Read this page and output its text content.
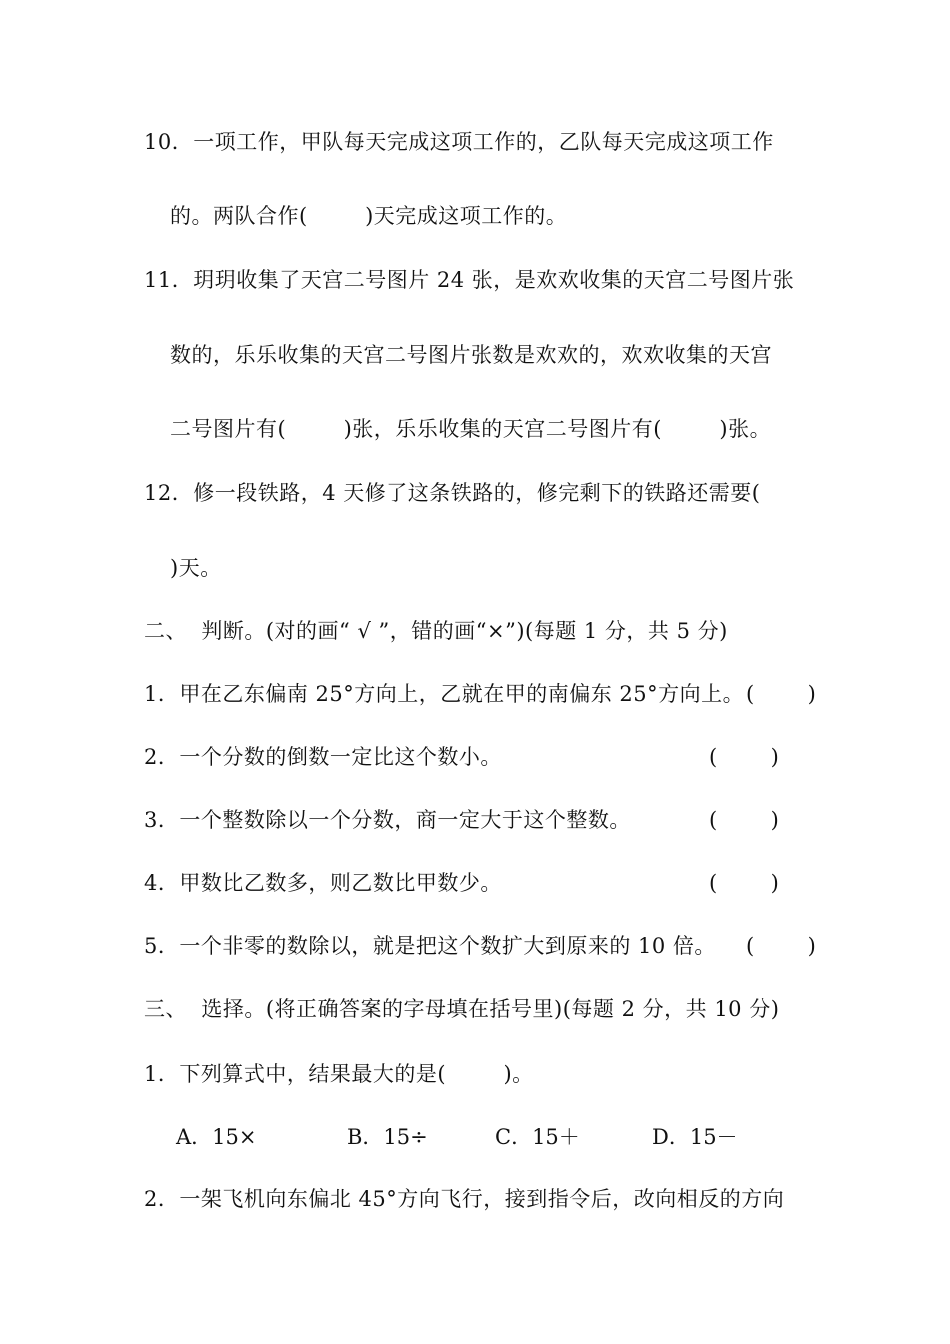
10．一项工作，甲队每天完成这项工作的，乙队每天完成这项工作
的。两队合作(        )天完成这项工作的。
11．玥玥收集了天宫二号图片 24 张，是欢欢收集的天宫二号图片张
数的，乐乐收集的天宫二号图片张数是欢欢的，欢欢收集的天宫
二号图片有(        )张，乐乐收集的天宫二号图片有(        )张。
12．修一段铁路，4 天修了这条铁路的，修完剩下的铁路还需要(
)天。
二、  判断。(对的画“ √ ”，错的画“×”)(每题 1 分，共 5 分)
1．甲在乙东偏南 25°方向上，乙就在甲的南偏东 25°方向上。 (        )
2．一个分数的倒数一定比这个数小。	(        )
3．一个整数除以一个分数，商一定大于这个整数。	(        )
4．甲数比乙数多，则乙数比甲数少。	(        )
5．一个非零的数除以，就是把这个数扩大到原来的 10 倍。 (        )
三、  选择。(将正确答案的字母填在括号里)(每题 2 分，共 10 分)
1．下列算式中，结果最大的是(        )。
A．15×	B．15÷	C．15＋	D．15－
2．一架飞机向东偏北 45°方向飞行，接到指令后，改向相反的方向
